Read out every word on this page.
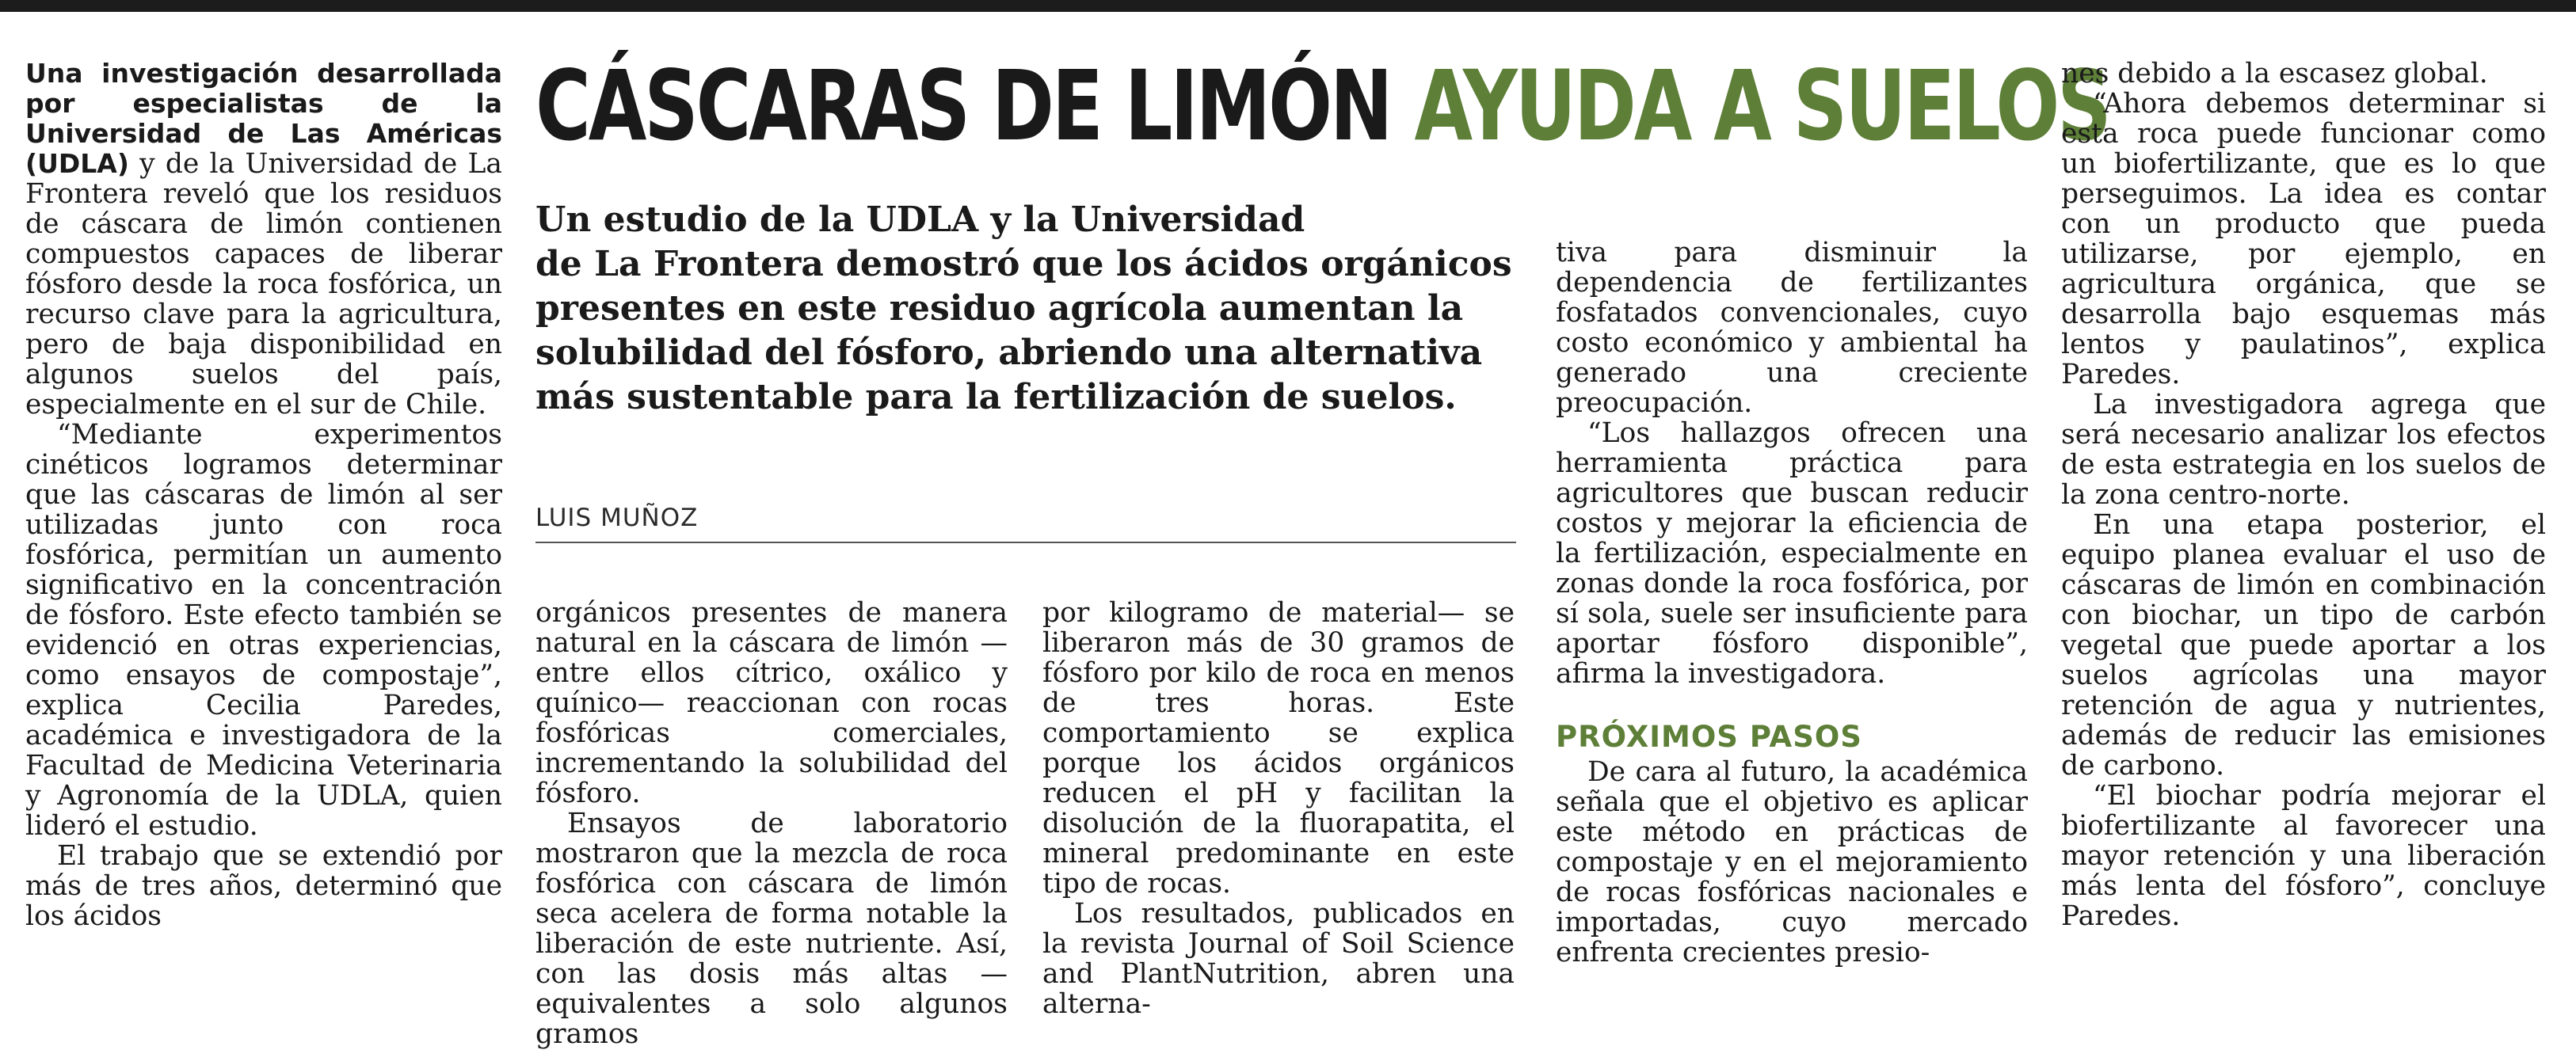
CÁSCARAS DE LIMÓN AYUDA A SUELOS
Un estudio de la UDLA y la Universidad
de La Frontera demostró que los ácidos orgánicos
presentes en este residuo agrícola aumentan la
solubilidad del fósforo, abriendo una alternativa
más sustentable para la fertilización de suelos.
LUIS MUÑOZ

Una investigación desarrollada por especialistas de la Universidad de Las Américas (UDLA) y de la Universidad de La Frontera reveló que los residuos de cáscara de limón contienen compuestos capaces de liberar fósforo desde la roca fosfórica, un recurso clave para la agricultura, pero de baja disponibilidad en algunos suelos del país, especialmente en el sur de Chile.

“Mediante experimentos cinéticos logramos determinar que las cáscaras de limón al ser utilizadas junto con roca fosfórica, permitían un aumento significativo en la concentración de fósforo. Este efecto también se evidenció en otras experiencias, como ensayos de compostaje”, explica Cecilia Paredes, académica e investigadora de la Facultad de Medicina Veterinaria y Agronomía de la UDLA, quien lideró el estudio.

El trabajo que se extendió por más de tres años, determinó que los ácidos

orgánicos presentes de manera natural en la cáscara de limón —entre ellos cítrico, oxálico y quínico— reaccionan con rocas fosfóricas comerciales, incrementando la solubilidad del fósforo.

Ensayos de laboratorio mostraron que la mezcla de roca fosfórica con cáscara de limón seca acelera de forma notable la liberación de este nutriente. Así, con las dosis más altas —equivalentes a solo algunos gramos

por kilogramo de material— se liberaron más de 30 gramos de fósforo por kilo de roca en menos de tres horas. Este comportamiento se explica porque los ácidos orgánicos reducen el pH y facilitan la disolución de la fluorapatita, el mineral predominante en este tipo de rocas.

Los resultados, publicados en la revista Journal of Soil Science and PlantNutrition, abren una alterna-

tiva para disminuir la dependencia de fertilizantes fosfatados convencionales, cuyo costo económico y ambiental ha generado una creciente preocupación.

“Los hallazgos ofrecen una herramienta práctica para agricultores que buscan reducir costos y mejorar la eficiencia de la fertilización, especialmente en zonas donde la roca fosfórica, por sí sola, suele ser insuficiente para aportar fósforo disponible”, afirma la investigadora.

PRÓXIMOS PASOS

De cara al futuro, la académica señala que el objetivo es aplicar este método en prácticas de compostaje y en el mejoramiento de rocas fosfóricas nacionales e importadas, cuyo mercado enfrenta crecientes presio-

nes debido a la escasez global.

“Ahora debemos determinar si esta roca puede funcionar como un biofertilizante, que es lo que perseguimos. La idea es contar con un producto que pueda utilizarse, por ejemplo, en agricultura orgánica, que se desarrolla bajo esquemas más lentos y paulatinos”, explica Paredes.

La investigadora agrega que será necesario analizar los efectos de esta estrategia en los suelos de la zona centro-norte.

En una etapa posterior, el equipo planea evaluar el uso de cáscaras de limón en combinación con biochar, un tipo de carbón vegetal que puede aportar a los suelos agrícolas una mayor retención de agua y nutrientes, además de reducir las emisiones de carbono.

“El biochar podría mejorar el biofertilizante al favorecer una mayor retención y una liberación más lenta del fósforo”, concluye Paredes.
